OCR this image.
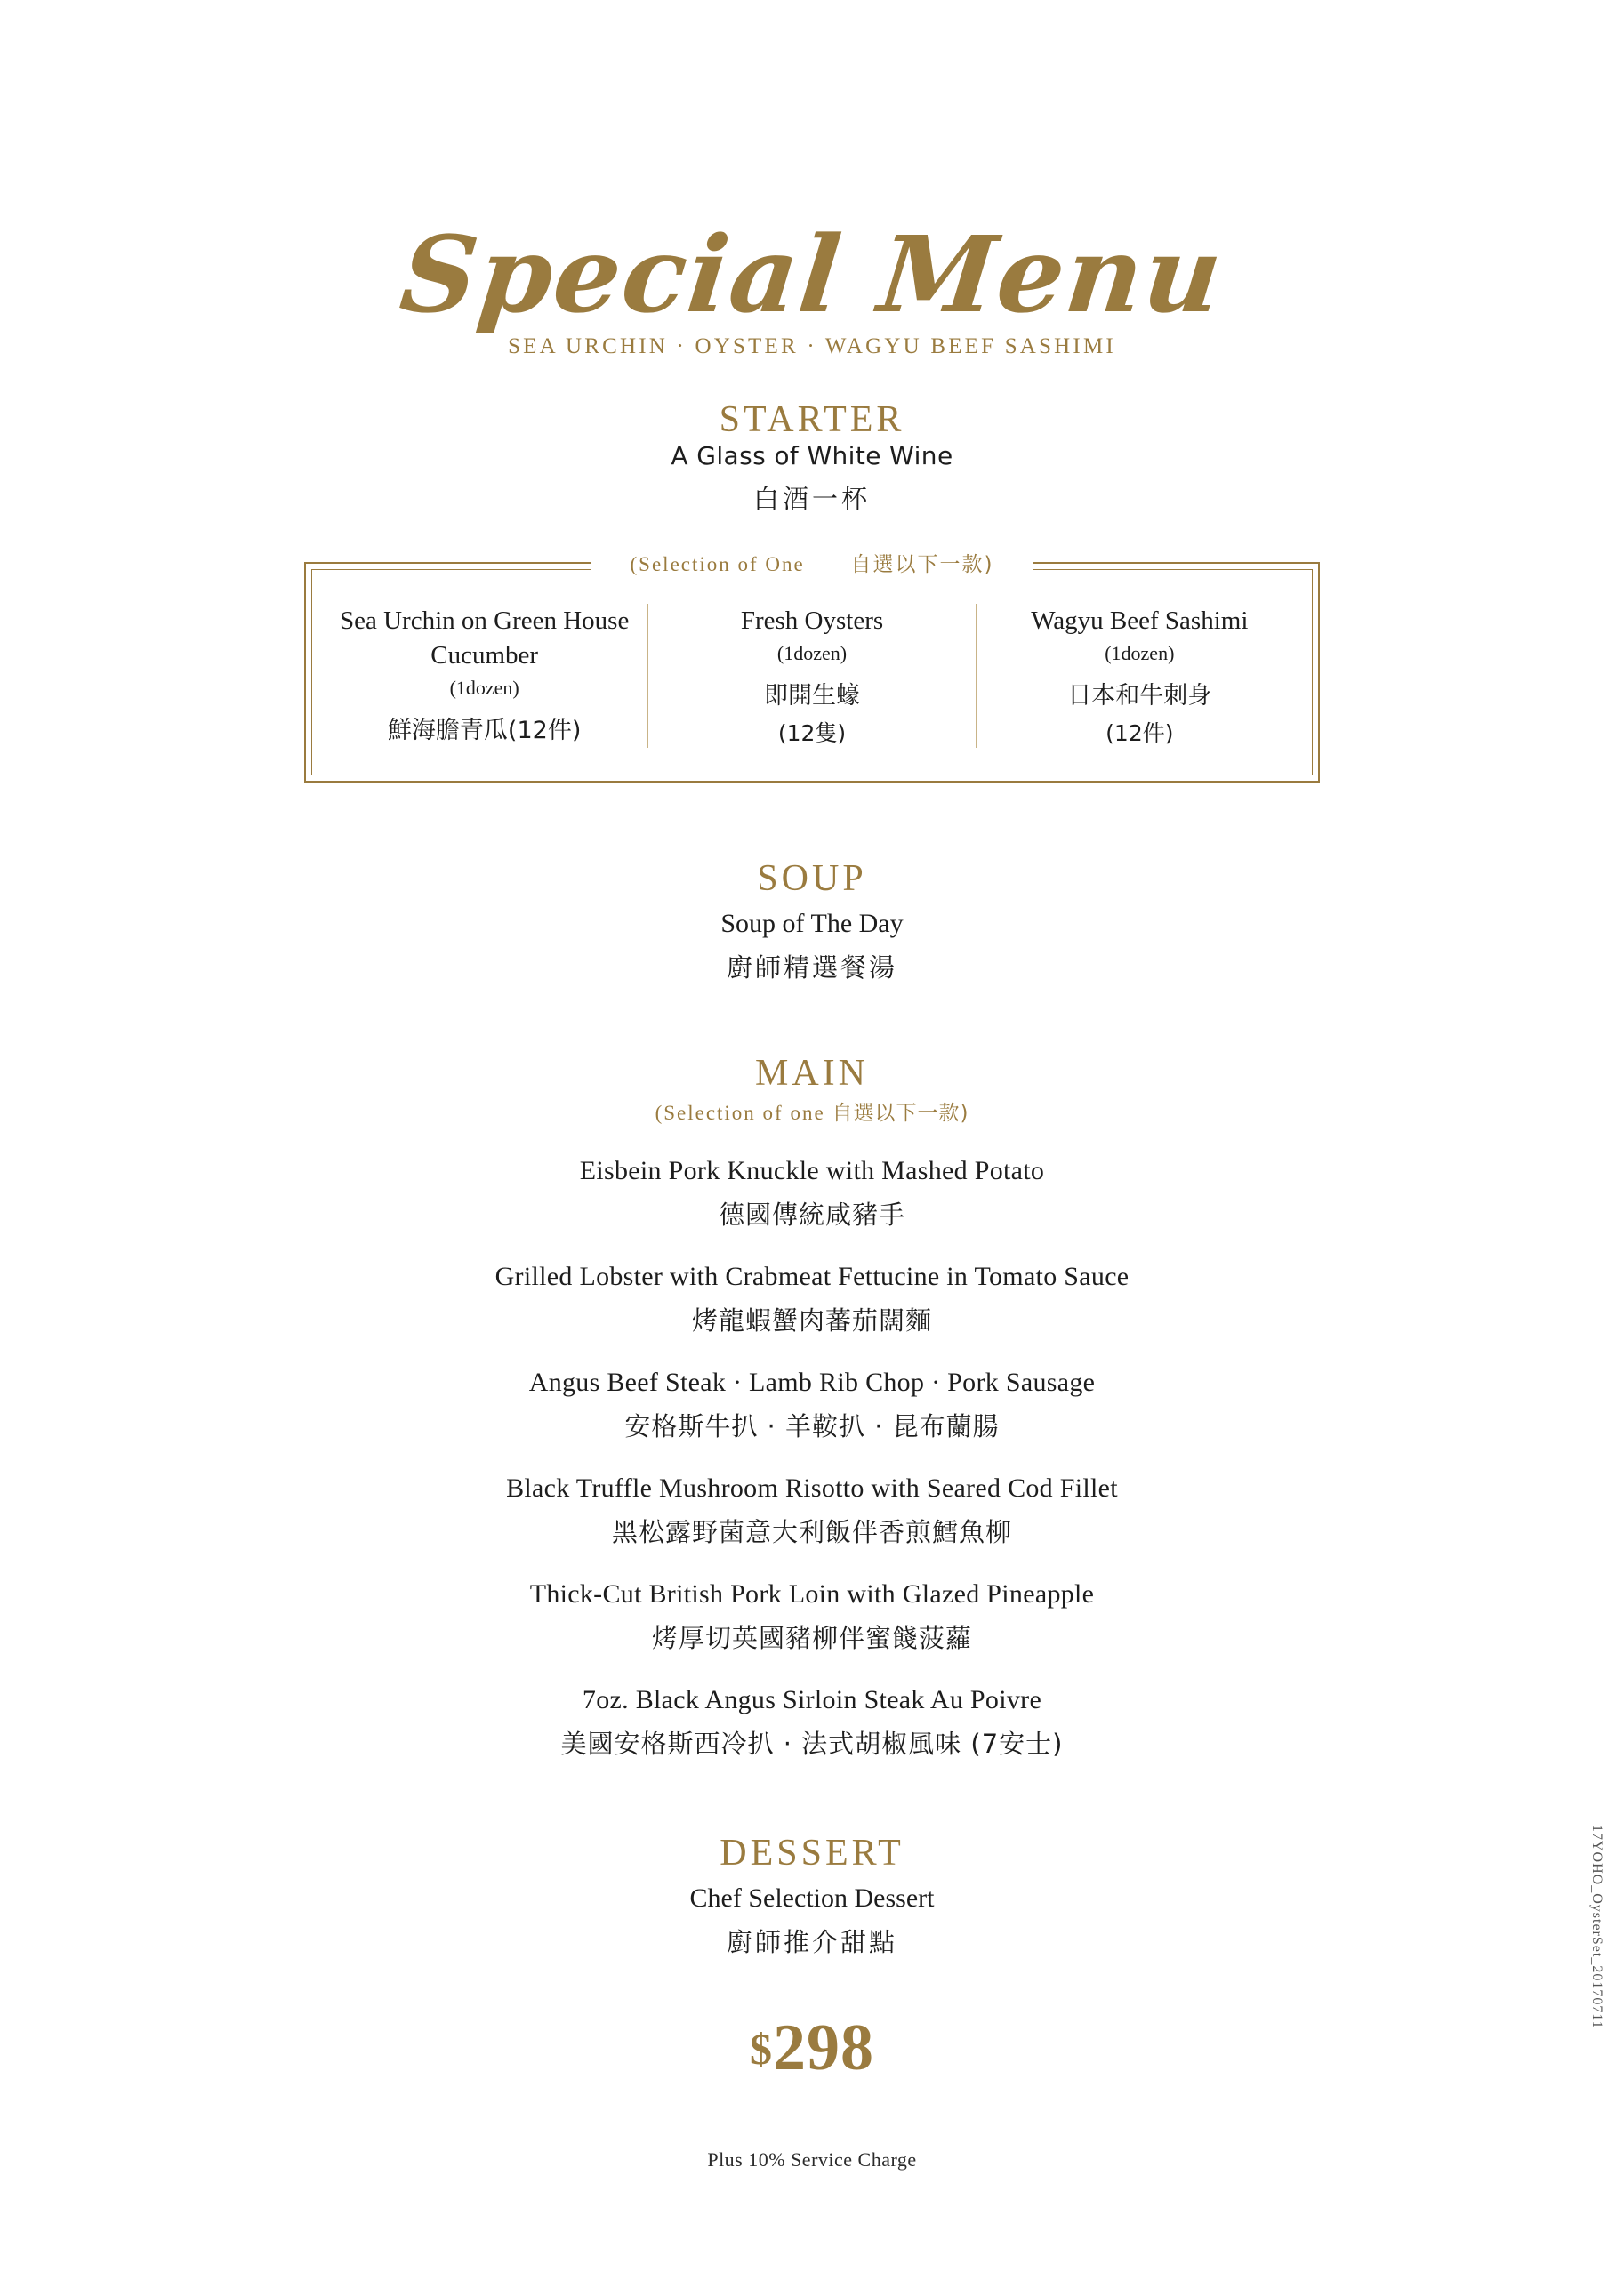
Special Menu
SEA URCHIN · OYSTER · WAGYU BEEF SASHIMI
STARTER
A Glass of White Wine
白酒一杯
Sea Urchin on Green House Cucumber
(1dozen)
鮮海膽青瓜(12件)
Fresh Oysters
(1dozen)
即開生蠔
(12隻)
Wagyu Beef Sashimi
(1dozen)
日本和牛刺身
(12件)
(Selection of One 自選以下一款)
SOUP
Soup of The Day
廚師精選餐湯
MAIN
(Selection of one 自選以下一款)
Eisbein Pork Knuckle with Mashed Potato
德國傳統咸豬手
Grilled Lobster with Crabmeat Fettucine in Tomato Sauce
烤龍蝦蟹肉蕃茄闊麵
Angus Beef Steak · Lamb Rib Chop · Pork Sausage
安格斯牛扒 · 羊鞍扒 · 昆布蘭腸
Black Truffle Mushroom Risotto with Seared Cod Fillet
黑松露野菌意大利飯伴香煎鱈魚柳
Thick-Cut British Pork Loin with Glazed Pineapple
烤厚切英國豬柳伴蜜餞菠蘿
7oz. Black Angus Sirloin Steak Au Poivre
美國安格斯西冷扒 · 法式胡椒風味 (7安士)
DESSERT
Chef Selection Dessert
廚師推介甜點
$298
Plus 10% Service Charge
17YOHO_OysterSet_20170711
